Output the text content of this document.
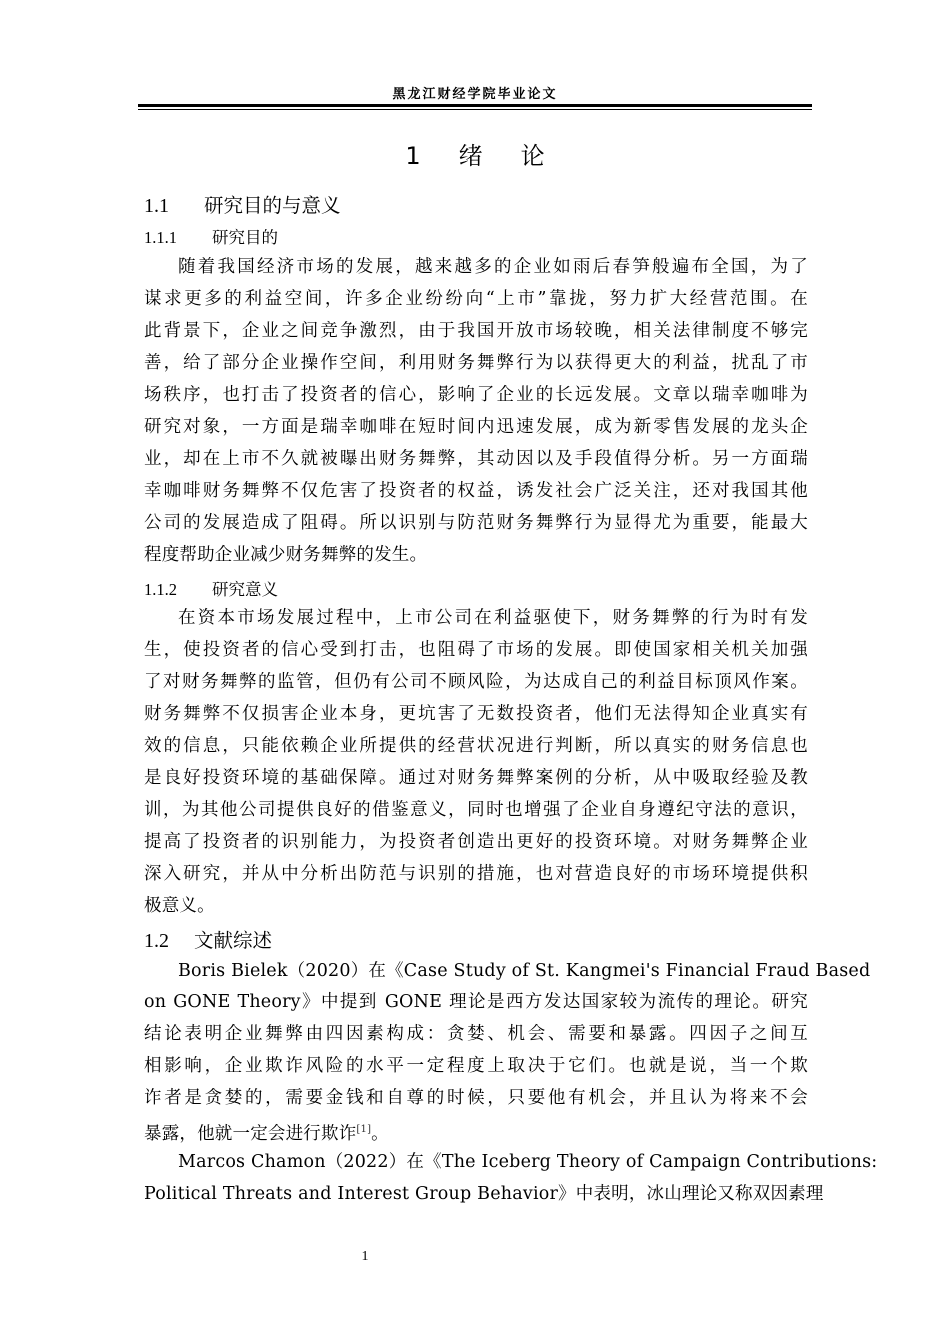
黑龙江财经学院毕业论文
1 绪 论
1.1 研究目的与意义
1.1.1 研究目的
随着我国经济市场的发展，越来越多的企业如雨后春笋般遍布全国，为了
谋求更多的利益空间，许多企业纷纷向“上市”靠拢，努力扩大经营范围。在
此背景下，企业之间竞争激烈，由于我国开放市场较晚，相关法律制度不够完
善，给了部分企业操作空间，利用财务舞弊行为以获得更大的利益，扰乱了市
场秩序，也打击了投资者的信心，影响了企业的长远发展。文章以瑞幸咖啡为
研究对象，一方面是瑞幸咖啡在短时间内迅速发展，成为新零售发展的龙头企
业，却在上市不久就被曝出财务舞弊，其动因以及手段值得分析。另一方面瑞
幸咖啡财务舞弊不仅危害了投资者的权益，诱发社会广泛关注，还对我国其他
公司的发展造成了阻碍。所以识别与防范财务舞弊行为显得尤为重要，能最大
程度帮助企业减少财务舞弊的发生。
1.1.2 研究意义
在资本市场发展过程中，上市公司在利益驱使下，财务舞弊的行为时有发
生，使投资者的信心受到打击，也阻碍了市场的发展。即使国家相关机关加强
了对财务舞弊的监管，但仍有公司不顾风险，为达成自己的利益目标顶风作案。
财务舞弊不仅损害企业本身，更坑害了无数投资者，他们无法得知企业真实有
效的信息，只能依赖企业所提供的经营状况进行判断，所以真实的财务信息也
是良好投资环境的基础保障。通过对财务舞弊案例的分析，从中吸取经验及教
训，为其他公司提供良好的借鉴意义，同时也增强了企业自身遵纪守法的意识，
提高了投资者的识别能力，为投资者创造出更好的投资环境。对财务舞弊企业
深入研究，并从中分析出防范与识别的措施，也对营造良好的市场环境提供积
极意义。
1.2 文献综述
Boris Bielek（2020）在《Case Study of St. Kangmei's Financial Fraud Based
on GONE Theory》中提到 GONE 理论是西方发达国家较为流传的理论。研究
结论表明企业舞弊由四因素构成：贪婪、机会、需要和暴露。四因子之间互
相影响，企业欺诈风险的水平一定程度上取决于它们。也就是说，当一个欺
诈者是贪婪的，需要金钱和自尊的时候，只要他有机会，并且认为将来不会
暴露，他就一定会进行欺诈[1]。
Marcos Chamon（2022）在《The Iceberg Theory of Campaign Contributions:
Political Threats and Interest Group Behavior》中表明，冰山理论又称双因素理
1
